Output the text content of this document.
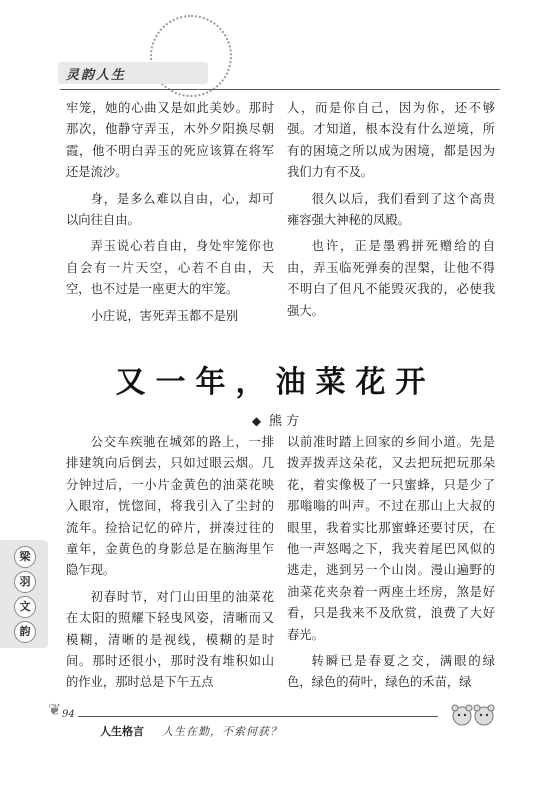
灵韵人生

牢笼，她的心曲又是如此美妙。那时那次，他静守弄玉，木外夕阳换尽朝霞，他不明白弄玉的死应该算在将军还是流沙。

身，是多么难以自由，心，却可以向往自由。

弄玉说心若自由，身处牢笼你也自会有一片天空，心若不自由，天空，也不过是一座更大的牢笼。

小庄说，害死弄玉都不是别

人，而是你自己，因为你，还不够强。才知道，根本没有什么逆境，所有的困境之所以成为困境，都是因为我们力有不及。

很久以后，我们看到了这个高贵雍容强大神秘的凤殿。

也许，正是墨鸦拼死赠给的自由，弄玉临死弹奏的涅槃，让他不得不明白了但凡不能毁灭我的，必使我强大。

又一年，油菜花开
◆ 熊 方

公交车疾驰在城郊的路上，一排排建筑向后倒去，只如过眼云烟。几分钟过后，一小片金黄色的油菜花映入眼帘，恍惚间，将我引入了尘封的流年。捡拾记忆的碎片，拼凑过往的童年，金黄色的身影总是在脑海里乍隐乍现。

初春时节，对门山田里的油菜花在太阳的照耀下轻曳风姿，清晰而又模糊，清晰的是视线，模糊的是时间。那时还很小，那时没有堆积如山的作业，那时总是下午五点

以前准时踏上回家的乡间小道。先是拨弄拨弄这朵花，又去把玩把玩那朵花，着实像极了一只蜜蜂，只是少了那嗡嗡的叫声。不过在那山上大叔的眼里，我着实比那蜜蜂还要讨厌，在他一声怒喝之下，我夹着尾巴风似的逃走，逃到另一个山岗。漫山遍野的油菜花夹杂着一两座土坯房，煞是好看，只是我来不及欣赏，浪费了大好春光。

转瞬已是春夏之交，满眼的绿色，绿色的荷叶，绿色的禾苗，绿

梁
羽
文
韵
❦ 94
人生格言 人生在勤，不索何获？
